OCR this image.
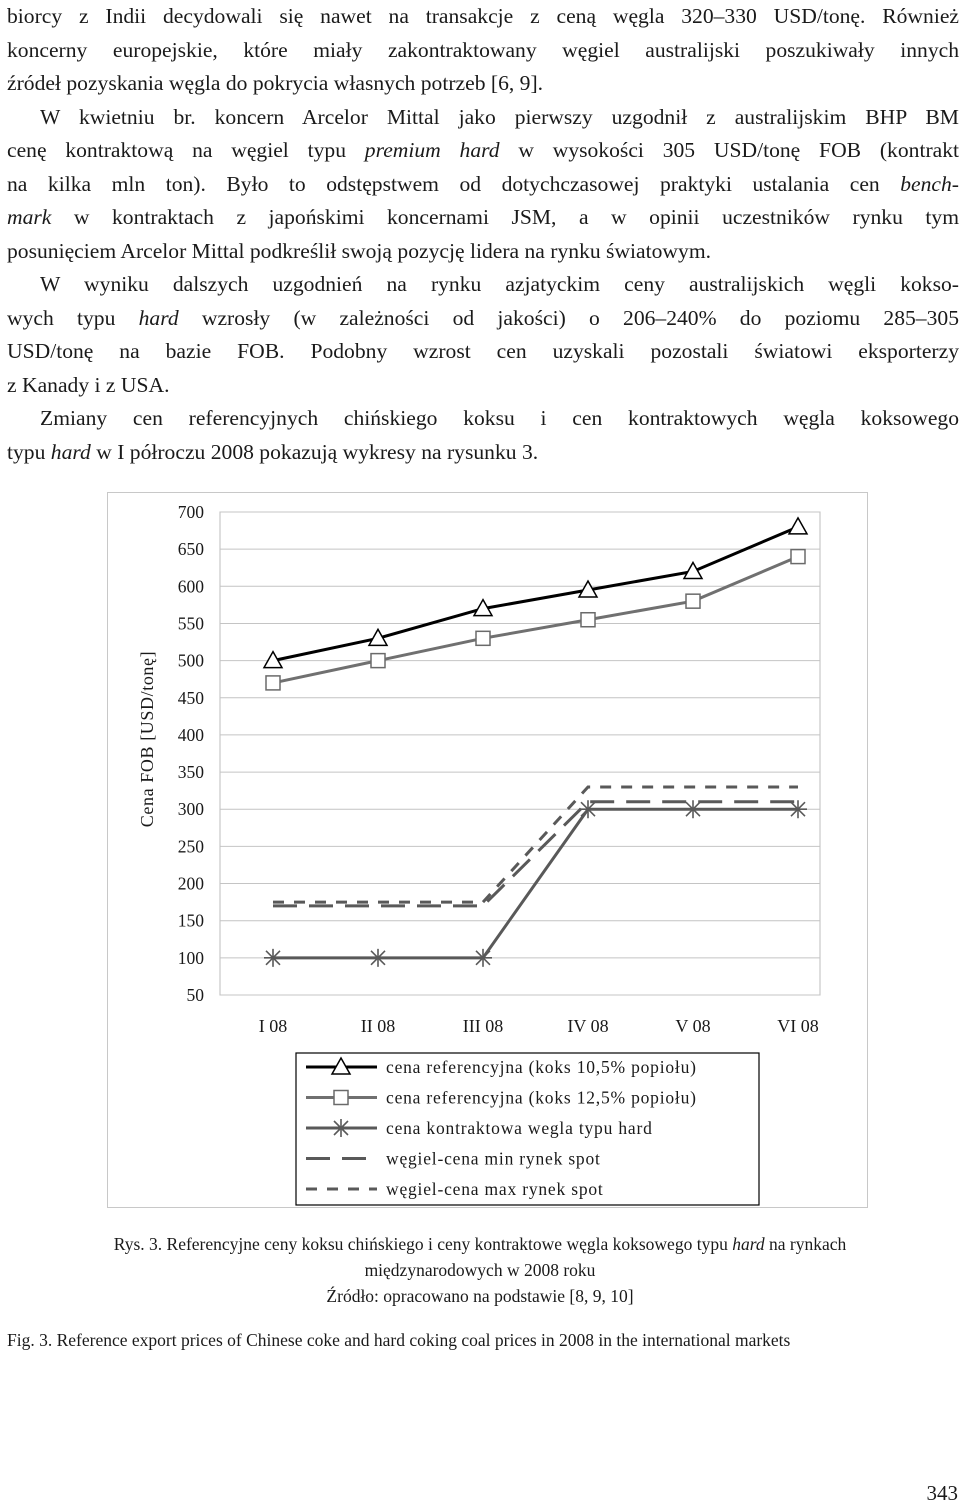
biorcy z Indii decydowali się nawet na transakcje z ceną węgla 320–330 USD/tonę. Również
koncerny europejskie, które miały zakontraktowany węgiel australijski poszukiwały innych
źródeł pozyskania węgla do pokrycia własnych potrzeb [6, 9].

W kwietniu br. koncern Arcelor Mittal jako pierwszy uzgodnił z australijskim BHP BM

cenę kontraktową na węgiel typu premium hard w wysokości 305 USD/tonę FOB (kontrakt
na kilka mln ton). Było to odstępstwem od dotychczasowej praktyki ustalania cen bench-
mark w kontraktach z japońskimi koncernami JSM, a w opinii uczestników rynku tym
posunięciem Arcelor Mittal podkreślił swoją pozycję lidera na rynku światowym.

W wyniku dalszych uzgodnień na rynku azjatyckim ceny australijskich węgli kokso-

wych typu hard wzrosły (w zależności od jakości) o 206–240% do poziomu 285–305
USD/tonę na bazie FOB. Podobny wzrost cen uzyskali pozostali światowi eksporterzy
z Kanady i z USA.

Zmiany cen referencyjnych chińskiego koksu i cen kontraktowych węgla koksowego

typu hard w I półroczu 2008 pokazują wykresy na rysunku 3.

700
650
600
550
500
450
400
350
300
250
200
150
100
50
I 08	II 08	III 08	IV 08	V 08	VI 08
Cena FOB [USD/tonę]
cena referencyjna (koks 10,5% popiołu)
cena referencyjna (koks 12,5% popiołu)
cena kontraktowa wegla typu hard
węgiel-cena min rynek spot
węgiel-cena max rynek spot
Rys. 3. Referencyjne ceny koksu chińskiego i ceny kontraktowe węgla koksowego typu hard na rynkach
międzynarodowych w 2008 roku
Źródło: opracowano na podstawie [8, 9, 10]
Fig. 3. Reference export prices of Chinese coke and hard coking coal prices in 2008 in the international markets
343
